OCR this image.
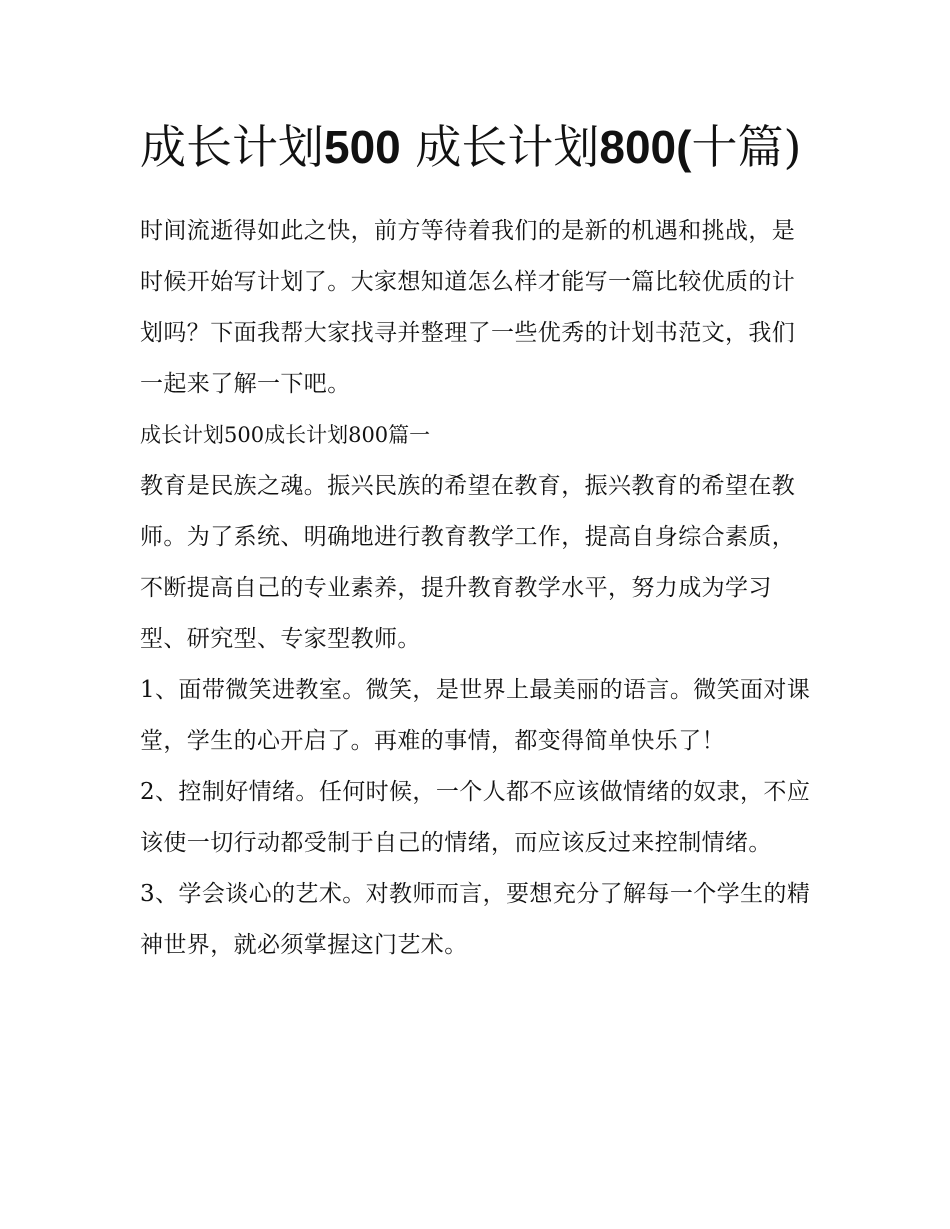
成长计划500 成长计划800(十篇)

时间流逝得如此之快，前方等待着我们的是新的机遇和挑战，是时候开始写计划了。大家想知道怎么样才能写一篇比较优质的计划吗？下面我帮大家找寻并整理了一些优秀的计划书范文，我们一起来了解一下吧。

成长计划500成长计划800篇一

教育是民族之魂。振兴民族的希望在教育，振兴教育的希望在教师。为了系统、明确地进行教育教学工作，提高自身综合素质，不断提高自己的专业素养，提升教育教学水平，努力成为学习型、研究型、专家型教师。

1、面带微笑进教室。微笑，是世界上最美丽的语言。微笑面对课堂，学生的心开启了。再难的事情，都变得简单快乐了！

2、控制好情绪。任何时候，一个人都不应该做情绪的奴隶，不应该使一切行动都受制于自己的情绪，而应该反过来控制情绪。

3、学会谈心的艺术。对教师而言，要想充分了解每一个学生的精神世界，就必须掌握这门艺术。
